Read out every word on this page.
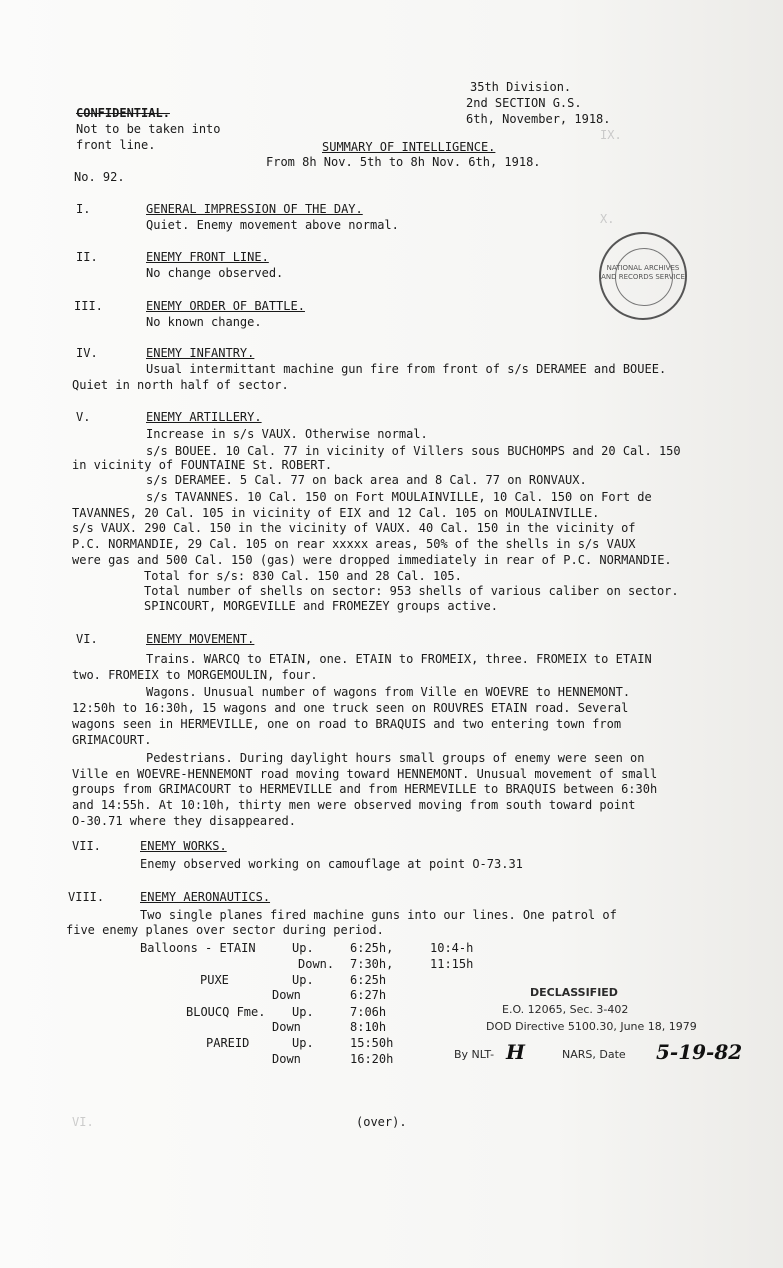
IX.
X.
VI.
35th Division.
2nd SECTION G.S.
6th, November, 1918.
CONFIDENTIAL.
Not to be taken into
front line.
No. 92.
SUMMARY OF INTELLIGENCE.
From 8h Nov. 5th to 8h Nov. 6th, 1918.
I.	GENERAL IMPRESSION OF THE DAY.
Quiet. Enemy movement above normal.
II.	ENEMY FRONT LINE.
No change observed.
III.	ENEMY ORDER OF BATTLE.
No known change.
IV.	ENEMY INFANTRY.
Usual intermittant machine gun fire from front of s/s DERAMEE and BOUEE.
Quiet in north half of sector.
V.	ENEMY ARTILLERY.
Increase in s/s VAUX. Otherwise normal.
s/s BOUEE. 10 Cal. 77 in vicinity of Villers sous BUCHOMPS and 20 Cal. 150
in vicinity of FOUNTAINE St. ROBERT.
s/s DERAMEE. 5 Cal. 77 on back area and 8 Cal. 77 on RONVAUX.
s/s TAVANNES. 10 Cal. 150 on Fort MOULAINVILLE, 10 Cal. 150 on Fort de
TAVANNES, 20 Cal. 105 in vicinity of EIX and 12 Cal. 105 on MOULAINVILLE.
s/s VAUX. 290 Cal. 150 in the vicinity of VAUX. 40 Cal. 150 in the vicinity of
P.C. NORMANDIE, 29 Cal. 105 on rear xxxxx areas, 50% of the shells in s/s VAUX
were gas and 500 Cal. 150 (gas) were dropped immediately in rear of P.C. NORMANDIE.
Total for s/s: 830 Cal. 150 and 28 Cal. 105.
Total number of shells on sector: 953 shells of various caliber on sector.
SPINCOURT, MORGEVILLE and FROMEZEY groups active.
VI.	ENEMY MOVEMENT.
Trains. WARCQ to ETAIN, one. ETAIN to FROMEIX, three. FROMEIX to ETAIN
two. FROMEIX to MORGEMOULIN, four.
Wagons. Unusual number of wagons from Ville en WOEVRE to HENNEMONT.
12:50h to 16:30h, 15 wagons and one truck seen on ROUVRES ETAIN road. Several
wagons seen in HERMEVILLE, one on road to BRAQUIS and two entering town from
GRIMACOURT.
Pedestrians. During daylight hours small groups of enemy were seen on
Ville en WOEVRE-HENNEMONT road moving toward HENNEMONT. Unusual movement of small
groups from GRIMACOURT to HERMEVILLE and from HERMEVILLE to BRAQUIS between 6:30h
and 14:55h. At 10:10h, thirty men were observed moving from south toward point
O-30.71 where they disappeared.
VII.	ENEMY WORKS.
Enemy observed working on camouflage at point O-73.31
VIII.	ENEMY AERONAUTICS.
Two single planes fired machine guns into our lines. One patrol of
five enemy planes over sector during period.
Balloons - ETAIN	Up.	6:25h,	10:4-h
Down. 7:30h,	11:15h
PUXE	Up.	6:25h
Down	6:27h
BLOUCQ Fme. Up.	7:06h
Down	8:10h
PAREID	Up.	15:50h
Down	16:20h
DECLASSIFIED
E.O. 12065, Sec. 3-402
DOD Directive 5100.30, June 18, 1979
By NLT- H	NARS, Date 5-19-82
NATIONAL ARCHIVES AND RECORDS SERVICE
(over).
